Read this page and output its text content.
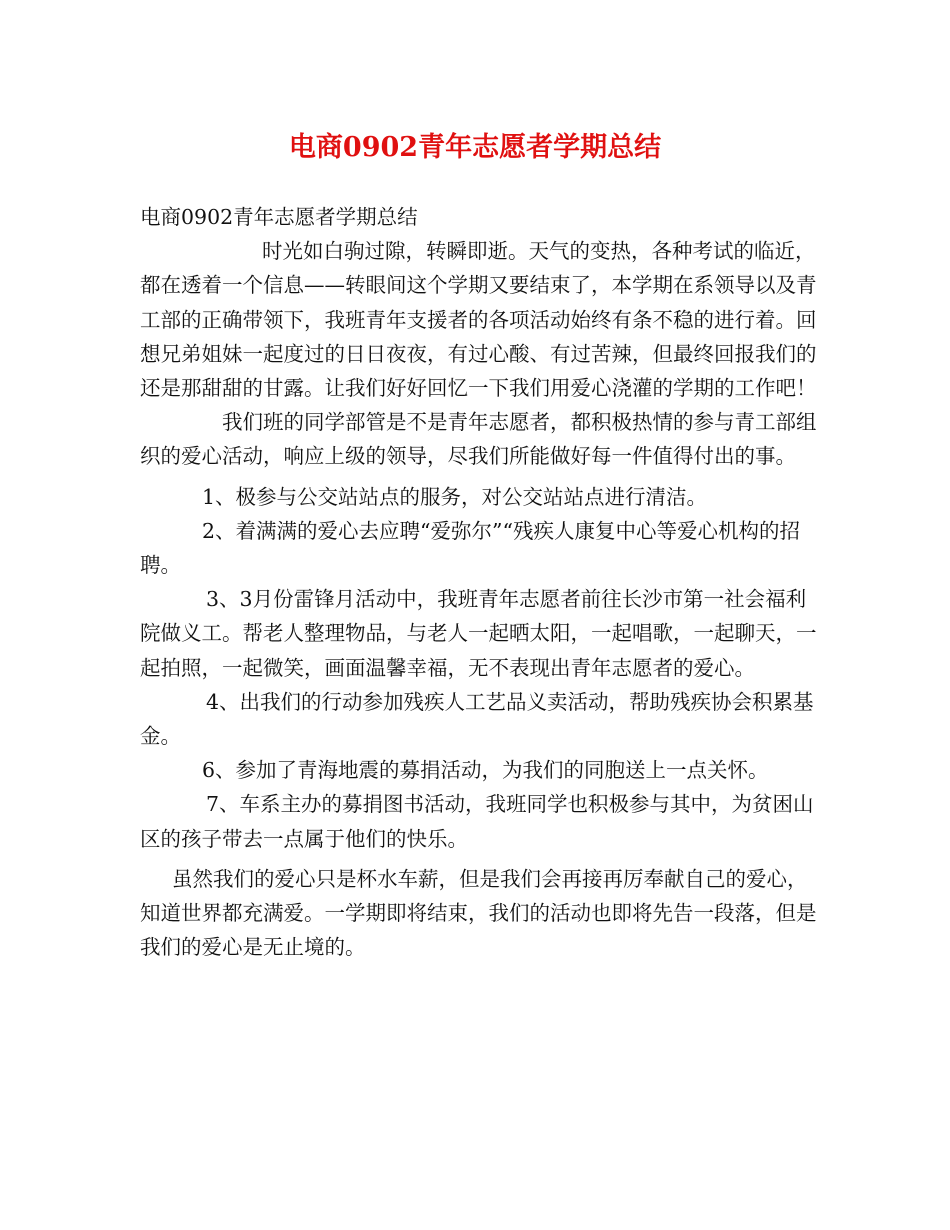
电商0902青年志愿者学期总结

电商0902青年志愿者学期总结

时光如白驹过隙，转瞬即逝。天气的变热，各种考试的临近，都在透着一个信息——转眼间这个学期又要结束了，本学期在系领导以及青工部的正确带领下，我班青年支援者的各项活动始终有条不稳的进行着。回想兄弟姐妹一起度过的日日夜夜，有过心酸、有过苦辣，但最终回报我们的还是那甜甜的甘露。让我们好好回忆一下我们用爱心浇灌的学期的工作吧！

我们班的同学部管是不是青年志愿者，都积极热情的参与青工部组织的爱心活动，响应上级的领导，尽我们所能做好每一件值得付出的事。

1、极参与公交站站点的服务，对公交站站点进行清洁。

2、着满满的爱心去应聘“爱弥尔”“残疾人康复中心等爱心机构的招聘。

3、3月份雷锋月活动中，我班青年志愿者前往长沙市第一社会福利院做义工。帮老人整理物品，与老人一起晒太阳，一起唱歌，一起聊天，一起拍照，一起微笑，画面温馨幸福，无不表现出青年志愿者的爱心。

4、出我们的行动参加残疾人工艺品义卖活动，帮助残疾协会积累基金。

6、参加了青海地震的募捐活动，为我们的同胞送上一点关怀。

7、车系主办的募捐图书活动，我班同学也积极参与其中，为贫困山区的孩子带去一点属于他们的快乐。

虽然我们的爱心只是杯水车薪，但是我们会再接再厉奉献自己的爱心，知道世界都充满爱。一学期即将结束，我们的活动也即将先告一段落，但是我们的爱心是无止境的。
